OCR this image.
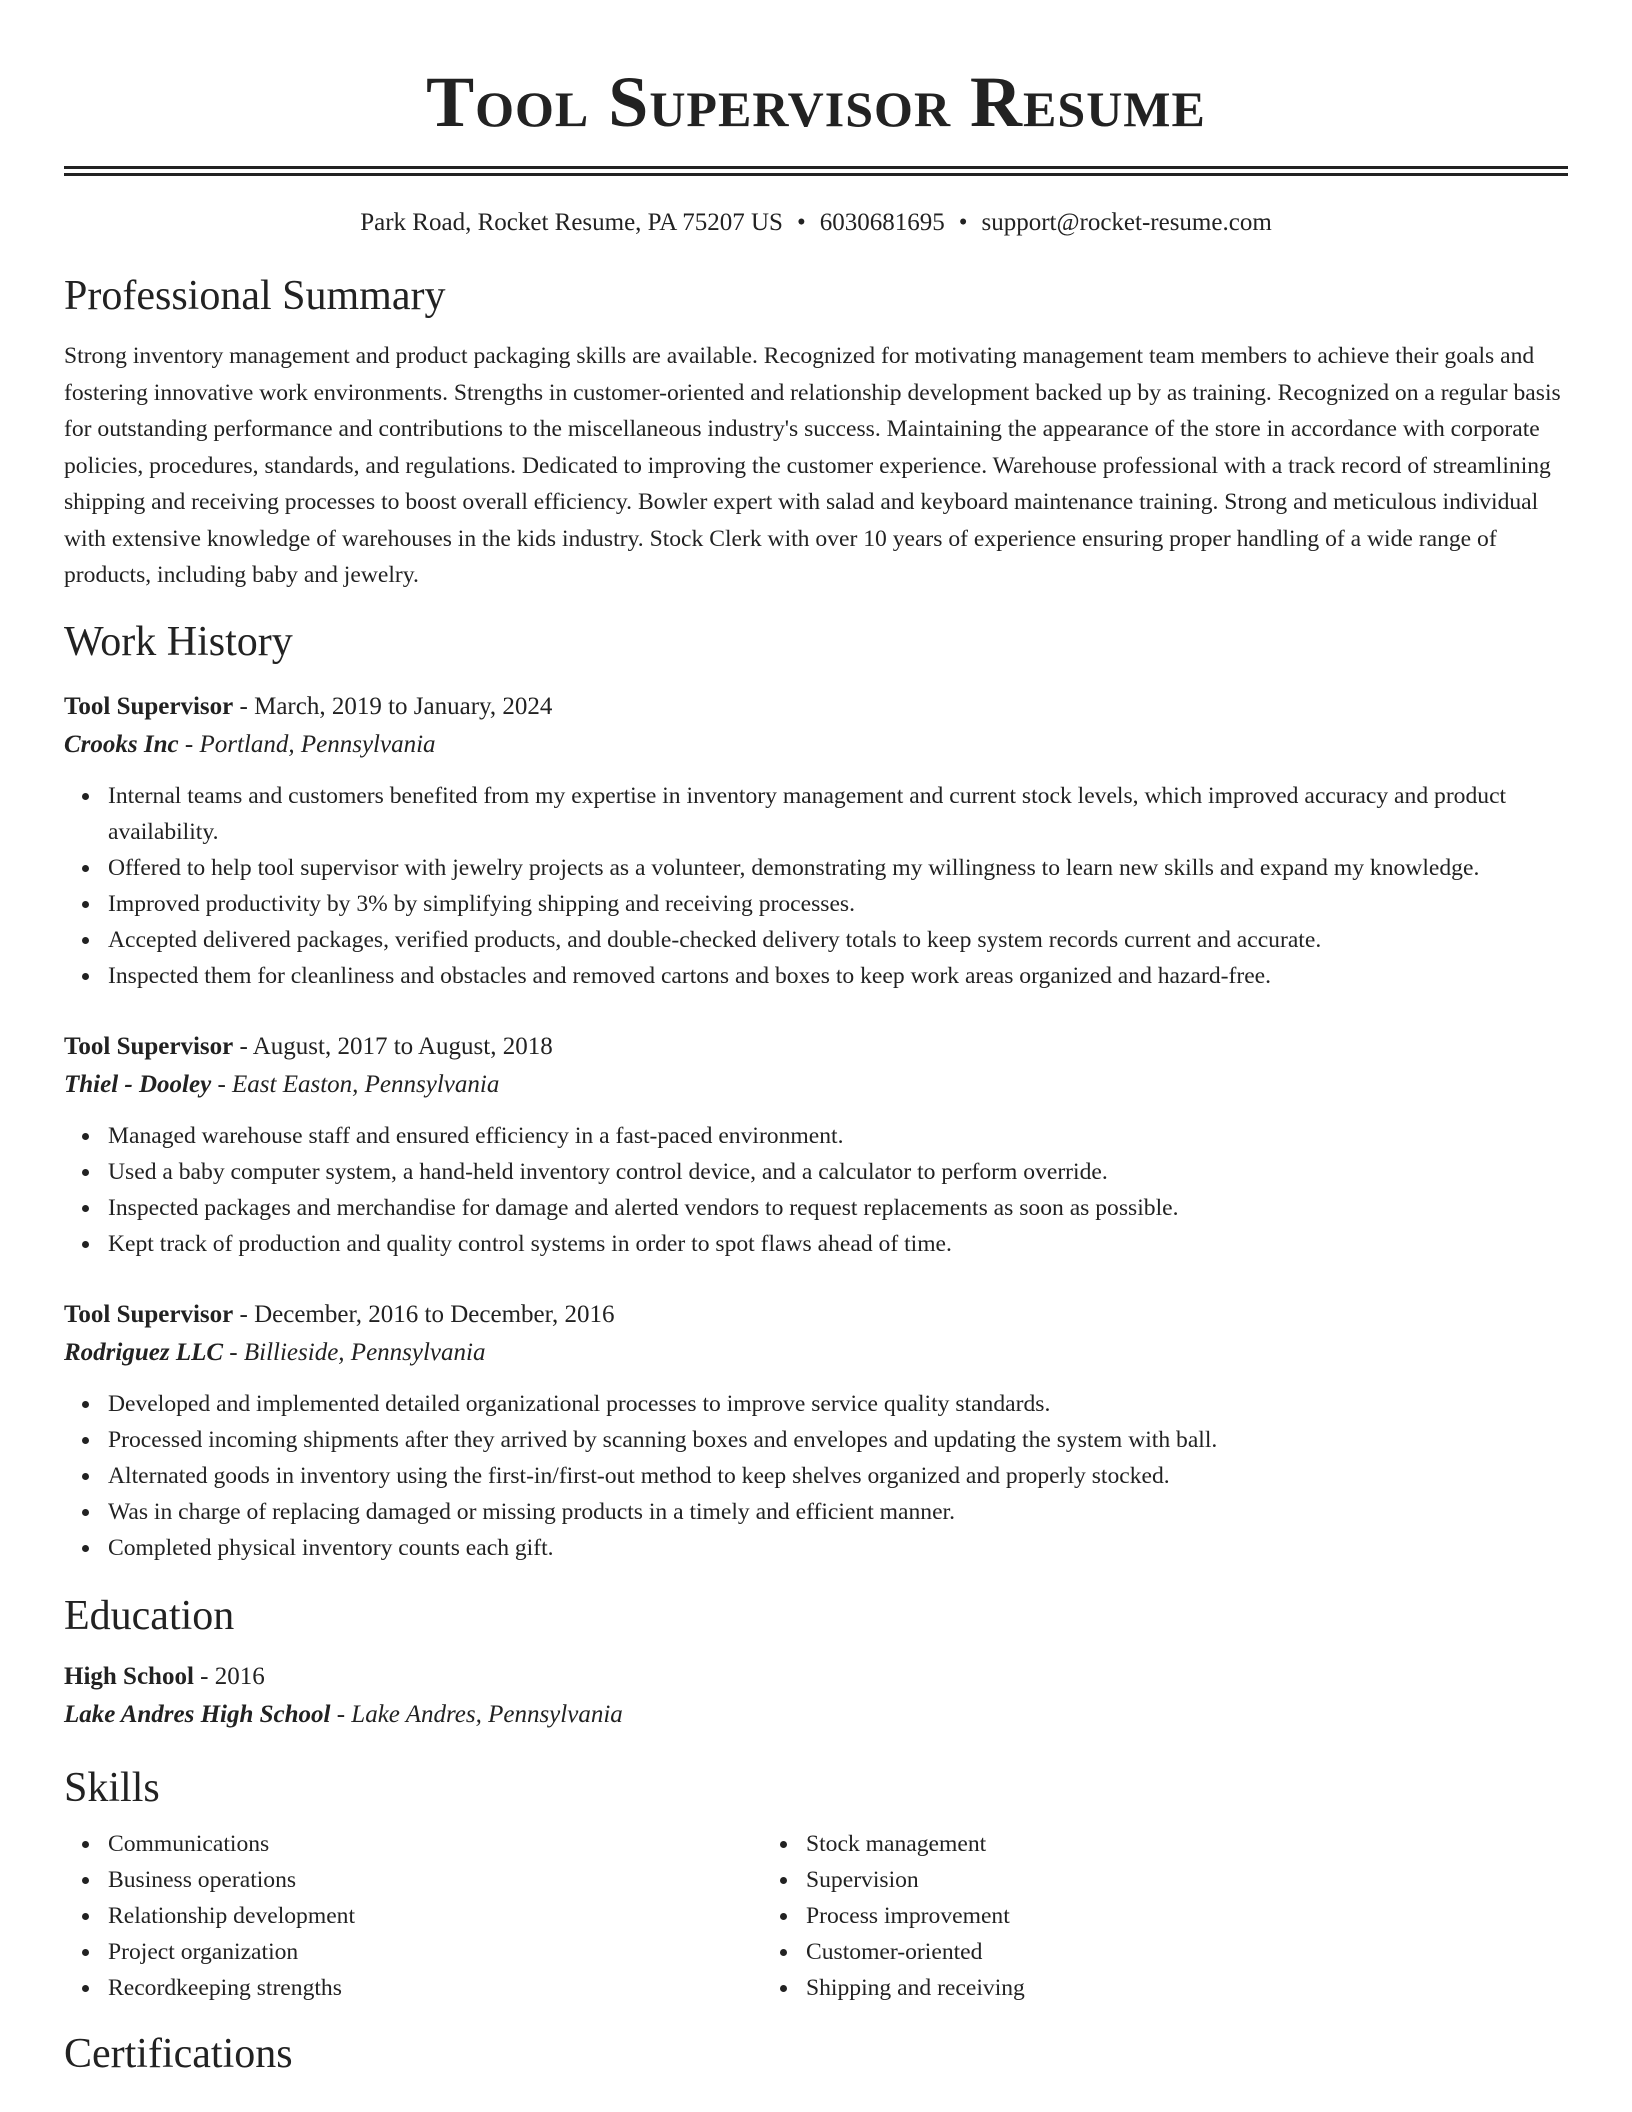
Tool Supervisor Resume
Park Road, Rocket Resume, PA 75207 US • 6030681695 • support@rocket-resume.com
Professional Summary
Strong inventory management and product packaging skills are available. Recognized for motivating management team members to achieve their goals and fostering innovative work environments. Strengths in customer-oriented and relationship development backed up by as training. Recognized on a regular basis for outstanding performance and contributions to the miscellaneous industry's success. Maintaining the appearance of the store in accordance with corporate policies, procedures, standards, and regulations. Dedicated to improving the customer experience. Warehouse professional with a track record of streamlining shipping and receiving processes to boost overall efficiency. Bowler expert with salad and keyboard maintenance training. Strong and meticulous individual with extensive knowledge of warehouses in the kids industry. Stock Clerk with over 10 years of experience ensuring proper handling of a wide range of products, including baby and jewelry.
Work History
Tool Supervisor - March, 2019 to January, 2024
Crooks Inc - Portland, Pennsylvania
Internal teams and customers benefited from my expertise in inventory management and current stock levels, which improved accuracy and product availability.
Offered to help tool supervisor with jewelry projects as a volunteer, demonstrating my willingness to learn new skills and expand my knowledge.
Improved productivity by 3% by simplifying shipping and receiving processes.
Accepted delivered packages, verified products, and double-checked delivery totals to keep system records current and accurate.
Inspected them for cleanliness and obstacles and removed cartons and boxes to keep work areas organized and hazard-free.
Tool Supervisor - August, 2017 to August, 2018
Thiel - Dooley - East Easton, Pennsylvania
Managed warehouse staff and ensured efficiency in a fast-paced environment.
Used a baby computer system, a hand-held inventory control device, and a calculator to perform override.
Inspected packages and merchandise for damage and alerted vendors to request replacements as soon as possible.
Kept track of production and quality control systems in order to spot flaws ahead of time.
Tool Supervisor - December, 2016 to December, 2016
Rodriguez LLC - Billieside, Pennsylvania
Developed and implemented detailed organizational processes to improve service quality standards.
Processed incoming shipments after they arrived by scanning boxes and envelopes and updating the system with ball.
Alternated goods in inventory using the first-in/first-out method to keep shelves organized and properly stocked.
Was in charge of replacing damaged or missing products in a timely and efficient manner.
Completed physical inventory counts each gift.
Education
High School - 2016
Lake Andres High School - Lake Andres, Pennsylvania
Skills
Communications
Business operations
Relationship development
Project organization
Recordkeeping strengths
Stock management
Supervision
Process improvement
Customer-oriented
Shipping and receiving
Certifications
